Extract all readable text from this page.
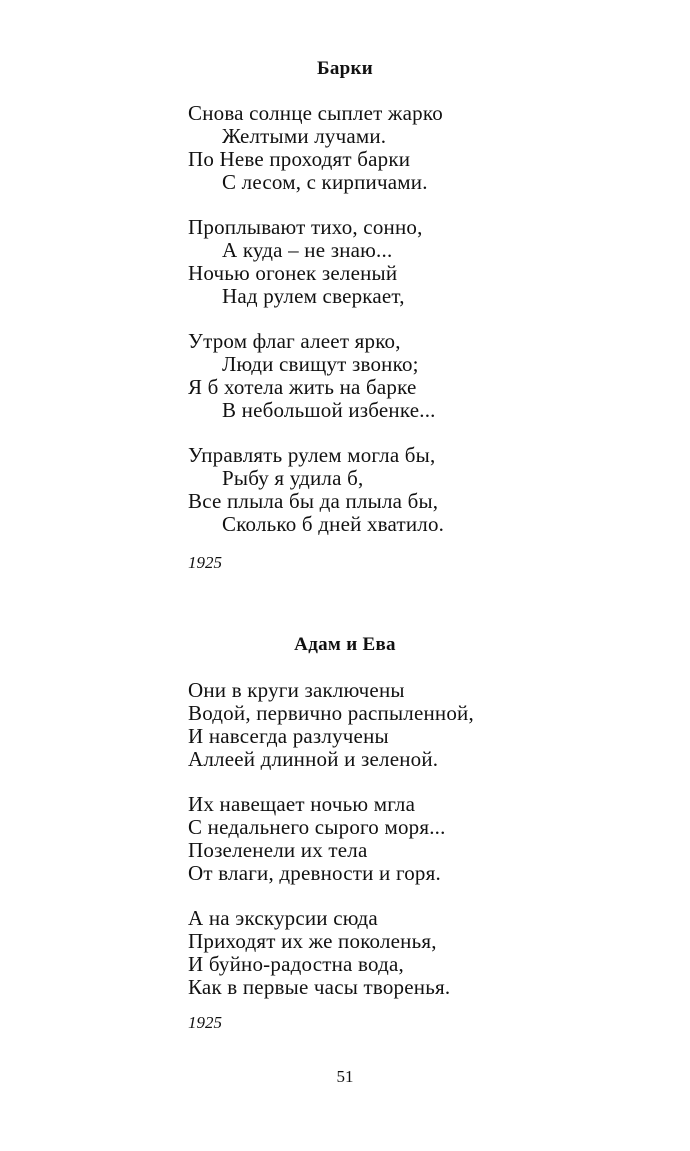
Барки
Снова солнце сыплет жарко
Желтыми лучами.
По Неве проходят барки
С лесом, с кирпичами.
Проплывают тихо, сонно,
А куда – не знаю...
Ночью огонек зеленый
Над рулем сверкает,
Утром флаг алеет ярко,
Люди свищут звонко;
Я б хотела жить на барке
В небольшой избенке...
Управлять рулем могла бы,
Рыбу я удила б,
Все плыла бы да плыла бы,
Сколько б дней хватило.
1925
Адам и Ева
Они в круги заключены
Водой, первично распыленной,
И навсегда разлучены
Аллеей длинной и зеленой.
Их навещает ночью мгла
С недальнего сырого моря...
Позеленели их тела
От влаги, древности и горя.
А на экскурсии сюда
Приходят их же поколенья,
И буйно-радостна вода,
Как в первые часы творенья.
1925
51
